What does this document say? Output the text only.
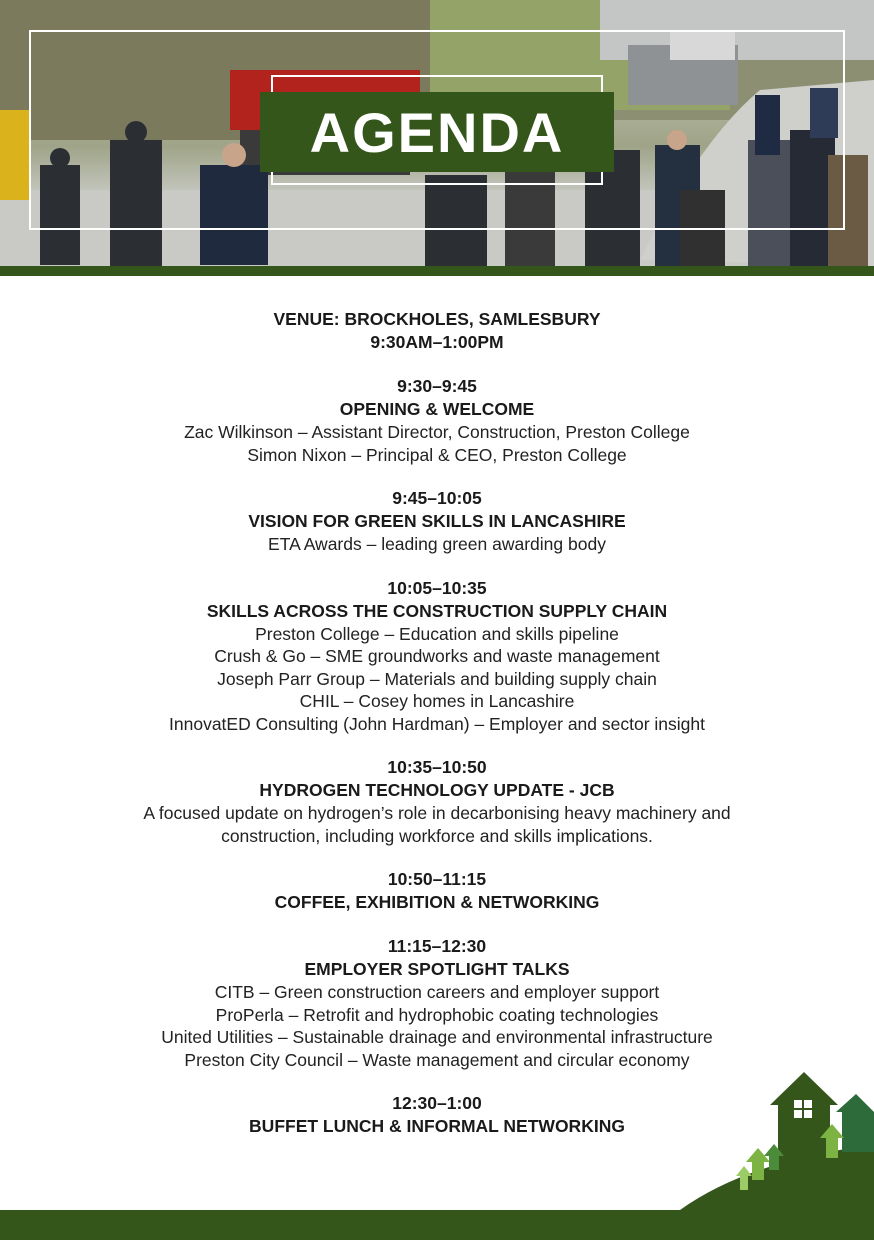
AGENDA
VENUE: BROCKHOLES, SAMLESBURY
9:30AM–1:00PM
9:30–9:45
OPENING & WELCOME
Zac Wilkinson – Assistant Director, Construction, Preston College
Simon Nixon – Principal & CEO, Preston College
9:45–10:05
VISION FOR GREEN SKILLS IN LANCASHIRE
ETA Awards – leading green awarding body
10:05–10:35
SKILLS ACROSS THE CONSTRUCTION SUPPLY CHAIN
Preston College – Education and skills pipeline
Crush & Go – SME groundworks and waste management
Joseph Parr Group – Materials and building supply chain
CHIL – Cosey homes in Lancashire
InnovatED Consulting (John Hardman) – Employer and sector insight
10:35–10:50
HYDROGEN TECHNOLOGY UPDATE - JCB
A focused update on hydrogen’s role in decarbonising heavy machinery and
construction, including workforce and skills implications.
10:50–11:15
COFFEE, EXHIBITION & NETWORKING
11:15–12:30
EMPLOYER SPOTLIGHT TALKS
CITB – Green construction careers and employer support
ProPerla – Retrofit and hydrophobic coating technologies
United Utilities – Sustainable drainage and environmental infrastructure
Preston City Council – Waste management and circular economy
12:30–1:00
BUFFET LUNCH & INFORMAL NETWORKING
